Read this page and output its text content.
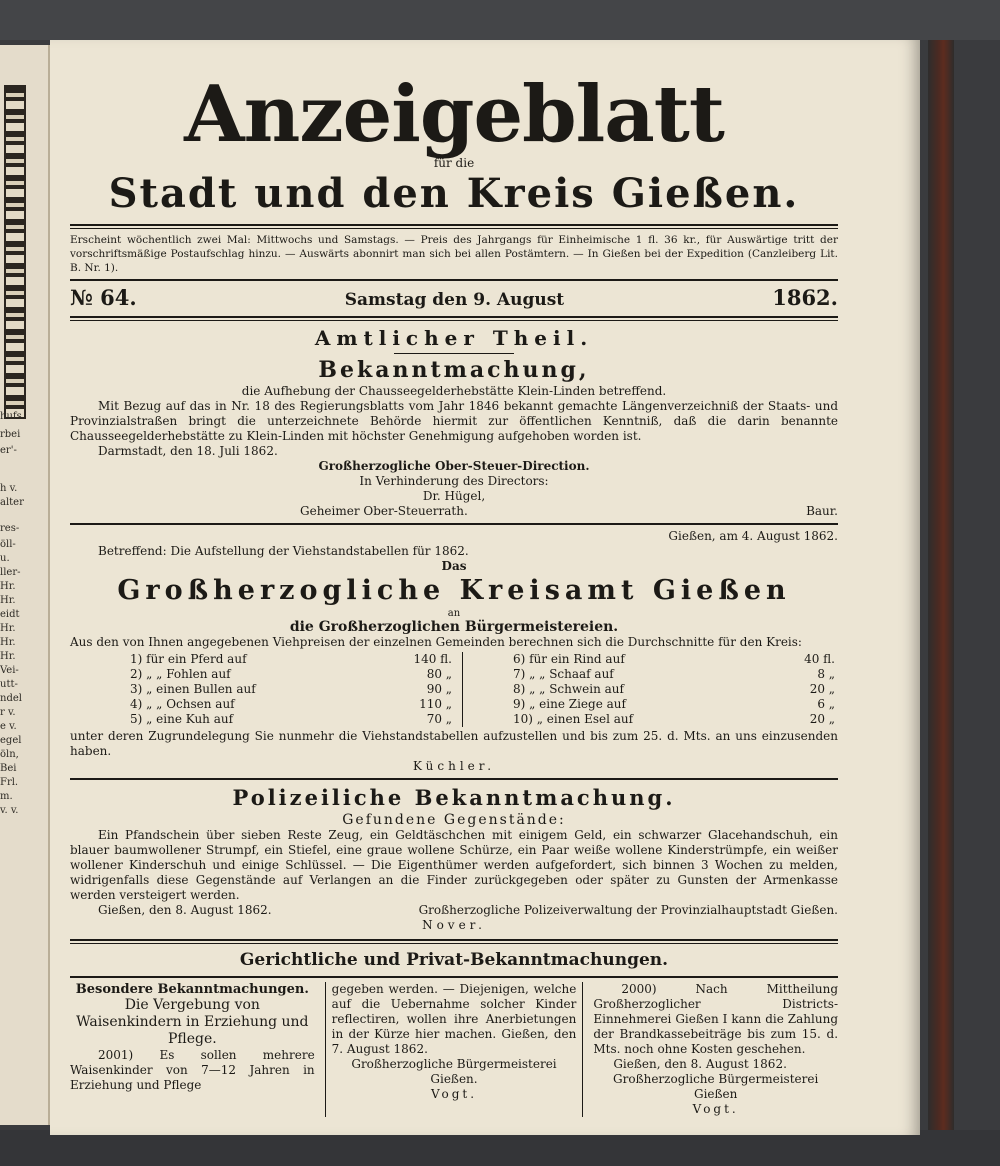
hufs
rbei
er'-
h v.
alter
res-
öll-
u.
ller-
Hr.
Hr.
eidt
Hr.
Hr.
Hr.
Vei-
utt-
ndel
r v.
e v.
egel
öln,
Bei
Frl.
m.
v. v.
Anzeigeblatt
für die
Stadt und den Kreis Gießen.
Erscheint wöchentlich zwei Mal: Mittwochs und Samstags. — Preis des Jahrgangs für Einheimische 1 fl. 36 kr., für Auswärtige tritt der vorschriftsmäßige Postaufschlag hinzu. — Auswärts abonnirt man sich bei allen Postämtern. — In Gießen bei der Expedition (Canzleiberg Lit. B. Nr. 1).
№ 64.	Samstag den 9. August	1862.
Amtlicher Theil.
Bekanntmachung,
die Aufhebung der Chausseegelderhebstätte Klein-Linden betreffend.
Mit Bezug auf das in Nr. 18 des Regierungsblatts vom Jahr 1846 bekannt gemachte Längenverzeichniß der Staats- und Provinzialstraßen bringt die unterzeichnete Behörde hiermit zur öffentlichen Kenntniß, daß die darin benannte Chausseegelderhebstätte zu Klein-Linden mit höchster Genehmigung aufgehoben worden ist.
Darmstadt, den 18. Juli 1862.
Großherzogliche Ober-Steuer-Direction.
In Verhinderung des Directors:
Dr. Hügel,
Geheimer Ober-Steuerrath.	Baur.
Gießen, am 4. August 1862.
Betreffend: Die Aufstellung der Viehstandstabellen für 1862.
Das
Großherzogliche Kreisamt Gießen
an
die Großherzoglichen Bürgermeistereien.
Aus den von Ihnen angegebenen Viehpreisen der einzelnen Gemeinden berechnen sich die Durchschnitte für den Kreis:
1) für ein Pferd auf	140 fl.
2) „ „ Fohlen auf	80 „
3) „ einen Bullen auf	90 „
4) „ „ Ochsen auf	110 „
5) „ eine Kuh auf	70 „
6) für ein Rind auf	40 fl.
7) „ „ Schaaf auf	8 „
8) „ „ Schwein auf	20 „
9) „ eine Ziege auf	6 „
10) „ einen Esel auf	20 „
unter deren Zugrundelegung Sie nunmehr die Viehstandstabellen aufzustellen und bis zum 25. d. Mts. an uns einzusenden haben.
Küchler.
Polizeiliche Bekanntmachung.
Gefundene Gegenstände:
Ein Pfandschein über sieben Reste Zeug, ein Geldtäschchen mit einigem Geld, ein schwarzer Glacehandschuh, ein blauer baumwollener Strumpf, ein Stiefel, eine graue wollene Schürze, ein Paar weiße wollene Kinderstrümpfe, ein weißer wollener Kinderschuh und einige Schlüssel. — Die Eigenthümer werden aufgefordert, sich binnen 3 Wochen zu melden, widrigenfalls diese Gegenstände auf Verlangen an die Finder zurückgegeben oder später zu Gunsten der Armenkasse werden versteigert werden.
Gießen, den 8. August 1862.	Großherzogliche Polizeiverwaltung der Provinzialhauptstadt Gießen.
Nover.
Gerichtliche und Privat-Bekanntmachungen.
Besondere Bekanntmachungen.
Die Vergebung von Waisenkindern in Erziehung und Pflege.
2001) Es sollen mehrere Waisenkinder von 7—12 Jahren in Erziehung und Pflege
gegeben werden. — Diejenigen, welche auf die Uebernahme solcher Kinder reflectiren, wollen ihre Anerbietungen in der Kürze hier machen. Gießen, den 7. August 1862.
Großherzogliche Bürgermeisterei Gießen.
Vogt.
2000) Nach Mittheilung Großherzoglicher Districts-Einnehmerei Gießen I kann die Zahlung der Brandkassebeiträge bis zum 15. d. Mts. noch ohne Kosten geschehen.
Gießen, den 8. August 1862.
Großherzogliche Bürgermeisterei Gießen
Vogt.
